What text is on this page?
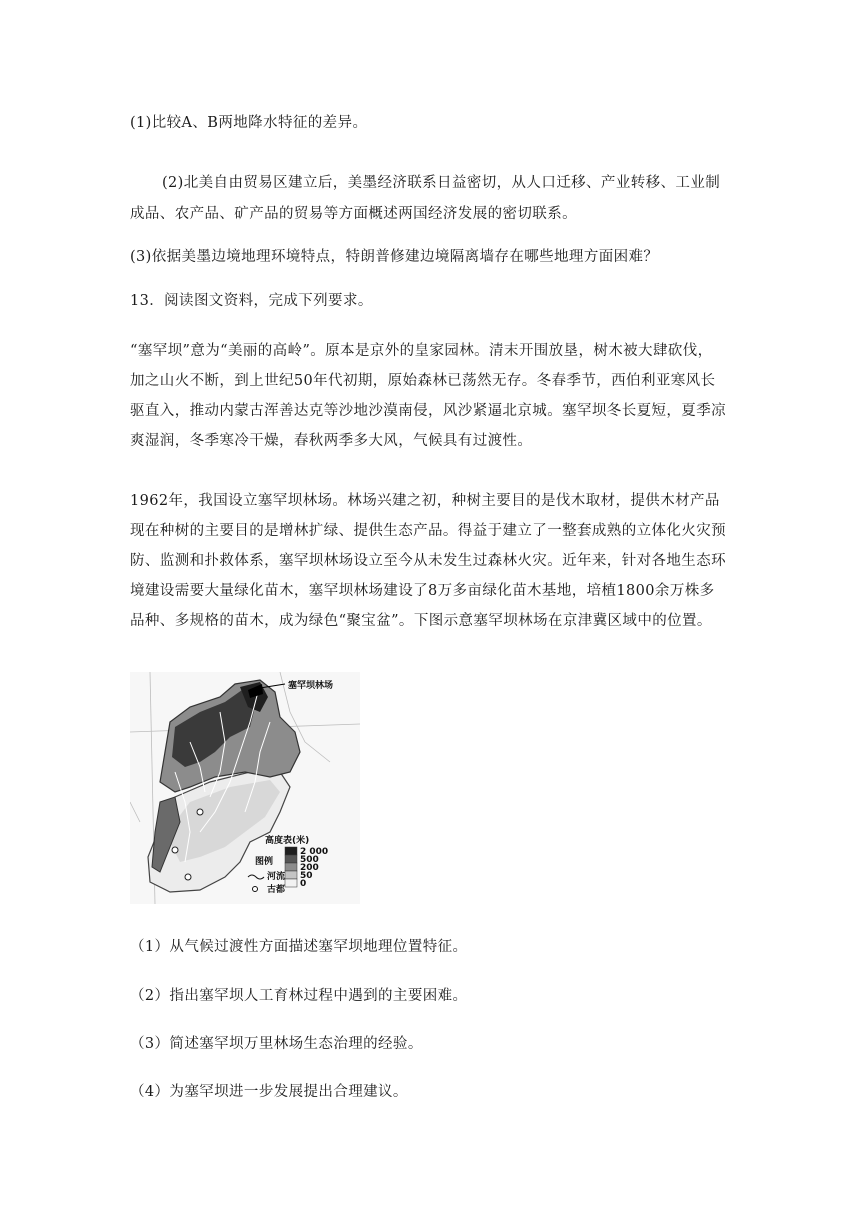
(1)比较A、B两地降水特征的差异。
(2)北美自由贸易区建立后，美墨经济联系日益密切，从人口迁移、产业转移、工业制
成品、农产品、矿产品的贸易等方面概述两国经济发展的密切联系。
(3)依据美墨边境地理环境特点，特朗普修建边境隔离墙存在哪些地理方面困难？
13．阅读图文资料，完成下列要求。

“塞罕坝”意为“美丽的高岭”。原本是京外的皇家园林。清末开围放垦，树木被大肆砍伐，

加之山火不断，到上世纪50年代初期，原始森林已荡然无存。冬春季节，西伯利亚寒风长

驱直入，推动内蒙古浑善达克等沙地沙漠南侵，风沙紧逼北京城。塞罕坝冬长夏短，夏季凉

爽湿润，冬季寒冷干燥，春秋两季多大风，气候具有过渡性。

1962年，我国设立塞罕坝林场。林场兴建之初，种树主要目的是伐木取材，提供木材产品

现在种树的主要目的是增林扩绿、提供生态产品。得益于建立了一整套成熟的立体化火灾预

防、监测和扑救体系，塞罕坝林场设立至今从未发生过森林火灾。近年来，针对各地生态环

境建设需要大量绿化苗木，塞罕坝林场建设了8万多亩绿化苗木基地，培植1800余万株多

品种、多规格的苗木，成为绿色“聚宝盆”。下图示意塞罕坝林场在京津冀区域中的位置。

塞罕坝林场
高度表(米)
2 000
500
200
50
0
图例
河流
古都
（1）从气候过渡性方面描述塞罕坝地理位置特征。
（2）指出塞罕坝人工育林过程中遇到的主要困难。
（3）简述塞罕坝万里林场生态治理的经验。
（4）为塞罕坝进一步发展提出合理建议。
